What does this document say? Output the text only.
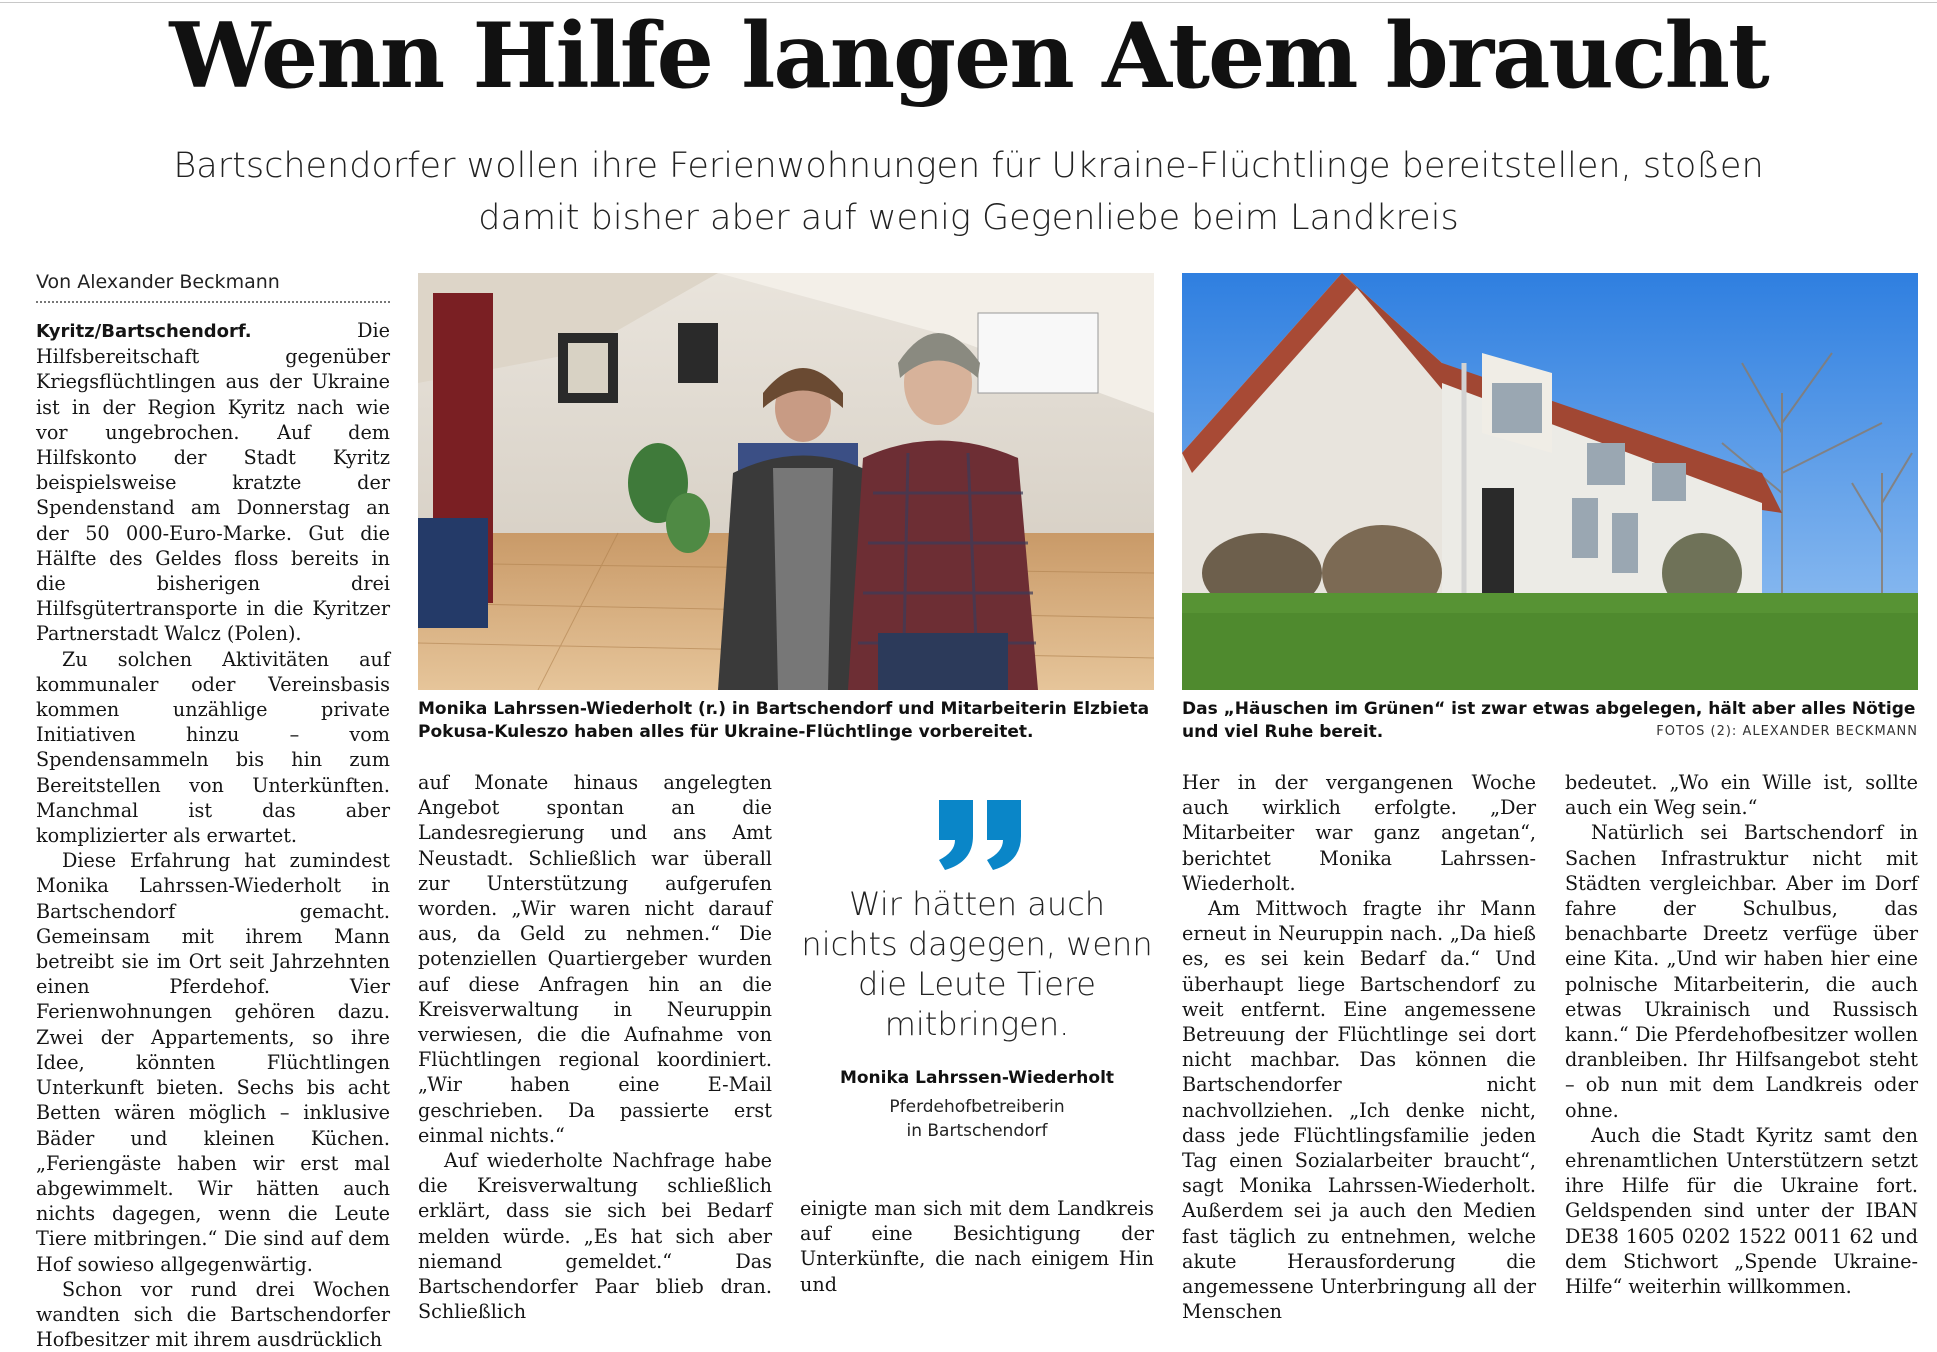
Wenn Hilfe langen Atem braucht
Bartschendorfer wollen ihre Ferienwohnungen für Ukraine-Flüchtlinge bereitstellen, stoßen damit bisher aber auf wenig Gegenliebe beim Landkreis
Von Alexander Beckmann

Kyritz/Bartschendorf.	Die Hilfsbereitschaft gegenüber Kriegsflüchtlingen aus der Ukraine ist in der Region Kyritz nach wie vor ungebrochen. Auf dem Hilfskonto der Stadt Kyritz beispielsweise kratzte der Spendenstand am Donnerstag an der 50 000-Euro-Marke. Gut die Hälfte des Geldes floss bereits in die bisherigen drei Hilfsgütertransporte in die Kyritzer Partnerstadt Walcz (Polen).

Zu solchen Aktivitäten auf kommunaler oder Vereinsbasis kommen unzählige private Initiativen hinzu – vom Spendensammeln bis hin zum Bereitstellen von Unterkünften. Manchmal ist das aber komplizierter als erwartet.

Diese Erfahrung hat zumindest Monika Lahrssen-Wiederholt in Bartschendorf gemacht. Gemeinsam mit ihrem Mann betreibt sie im Ort seit Jahrzehnten einen Pferdehof. Vier Ferienwohnungen gehören dazu. Zwei der Appartements, so ihre Idee, könnten Flüchtlingen Unterkunft bieten. Sechs bis acht Betten wären möglich – inklusive Bäder und kleinen Küchen. „Feriengäste haben wir erst mal abgewimmelt. Wir hätten auch nichts dagegen, wenn die Leute Tiere mitbringen.“ Die sind auf dem Hof sowieso allgegenwärtig.

Schon vor rund drei Wochen wandten sich die Bartschendorfer Hofbesitzer mit ihrem ausdrücklich

Monika Lahrssen-Wiederholt (r.) in Bartschendorf und Mitarbeiterin Elzbieta Pokusa-Kuleszo haben alles für Ukraine-Flüchtlinge vorbereitet.
Das „Häuschen im Grünen“ ist zwar etwas abgelegen, hält aber alles Nötige und viel Ruhe bereit.	FOTOS (2): ALEXANDER BECKMANN

auf Monate hinaus angelegten Angebot spontan an die Landesregierung und ans Amt Neustadt. Schließlich war überall zur Unterstützung aufgerufen worden. „Wir waren nicht darauf aus, da Geld zu nehmen.“ Die potenziellen Quartiergeber wurden auf diese Anfragen hin an die Kreisverwaltung in Neuruppin verwiesen, die die Aufnahme von Flüchtlingen regional koordiniert. „Wir haben eine E-Mail geschrieben. Da passierte erst einmal nichts.“

Auf wiederholte Nachfrage habe die Kreisverwaltung schließlich erklärt, dass sie sich bei Bedarf melden würde. „Es hat sich aber niemand gemeldet.“ Das Bartschendorfer Paar blieb dran. Schließlich

Wir hätten auch nichts dagegen, wenn die Leute Tiere mitbringen.
Monika Lahrssen-Wiederholt
Pferdehofbetreiberin
in Bartschendorf

einigte man sich mit dem Landkreis auf eine Besichtigung der Unterkünfte, die nach einigem Hin und

Her in der vergangenen Woche auch wirklich erfolgte. „Der Mitarbeiter war ganz angetan“, berichtet Monika Lahrssen-Wiederholt.

Am Mittwoch fragte ihr Mann erneut in Neuruppin nach. „Da hieß es, es sei kein Bedarf da.“ Und überhaupt liege Bartschendorf zu weit entfernt. Eine angemessene Betreuung der Flüchtlinge sei dort nicht machbar. Das können die Bartschendorfer nicht nachvollziehen. „Ich denke nicht, dass jede Flüchtlingsfamilie jeden Tag einen Sozialarbeiter braucht“, sagt Monika Lahrssen-Wiederholt. Außerdem sei ja auch den Medien fast täglich zu entnehmen, welche akute Herausforderung die angemessene Unterbringung all der Menschen

bedeutet. „Wo ein Wille ist, sollte auch ein Weg sein.“

Natürlich sei Bartschendorf in Sachen Infrastruktur nicht mit Städten vergleichbar. Aber im Dorf fahre der Schulbus, das benachbarte Dreetz verfüge über eine Kita. „Und wir haben hier eine polnische Mitarbeiterin, die auch etwas Ukrainisch und Russisch kann.“ Die Pferdehofbesitzer wollen dranbleiben. Ihr Hilfsangebot steht – ob nun mit dem Landkreis oder ohne.

Auch die Stadt Kyritz samt den ehrenamtlichen Unterstützern setzt ihre Hilfe für die Ukraine fort. Geldspenden sind unter der IBAN DE38 1605 0202 1522 0011 62 und dem Stichwort „Spende Ukraine-Hilfe“ weiterhin willkommen.
